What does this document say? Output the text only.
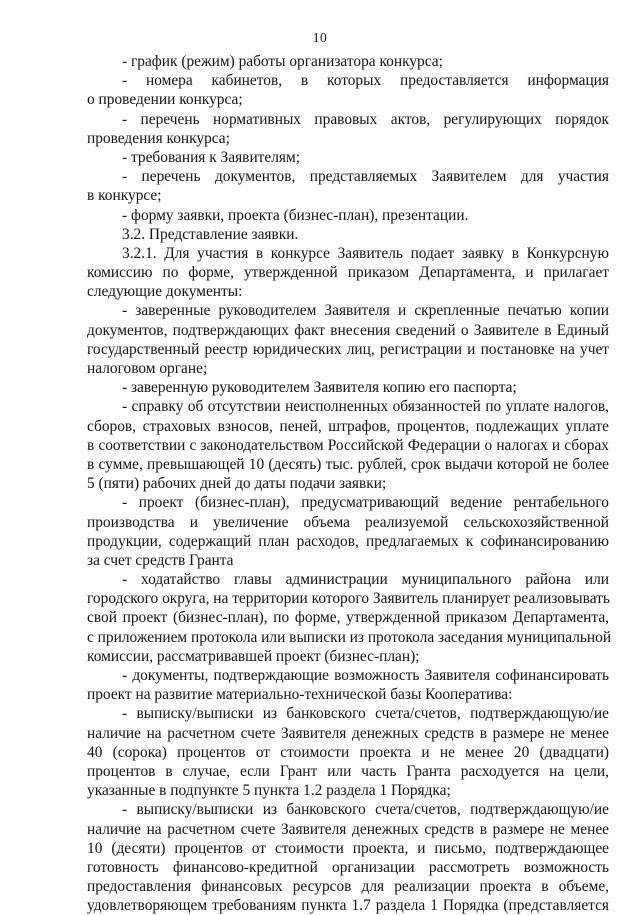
10
- график (режим) работы организатора конкурса;
- номера кабинетов, в которых предоставляется информация
о проведении конкурса;
- перечень нормативных правовых актов, регулирующих порядок
проведения конкурса;
- требования к Заявителям;
- перечень документов, представляемых Заявителем для участия
в конкурсе;
- форму заявки, проекта (бизнес-план), презентации.
3.2. Представление заявки.
3.2.1. Для участия в конкурсе Заявитель подает заявку в Конкурсную
комиссию по форме, утвержденной приказом Департамента, и прилагает
следующие документы:
- заверенные руководителем Заявителя и скрепленные печатью копии
документов, подтверждающих факт внесения сведений о Заявителе в Единый
государственный реестр юридических лиц, регистрации и постановке на учет
налоговом органе;
- заверенную руководителем Заявителя копию его паспорта;
- справку об отсутствии неисполненных обязанностей по уплате налогов,
сборов, страховых взносов, пеней, штрафов, процентов, подлежащих уплате
в соответствии с законодательством Российской Федерации о налогах и сборах
в сумме, превышающей 10 (десять) тыс. рублей, срок выдачи которой не более
5 (пяти) рабочих дней до даты подачи заявки;
- проект (бизнес-план), предусматривающий ведение рентабельного
производства и увеличение объема реализуемой сельскохозяйственной
продукции, содержащий план расходов, предлагаемых к софинансированию
за счет средств Гранта
- ходатайство главы администрации муниципального района или
городского округа, на территории которого Заявитель планирует реализовывать
свой проект (бизнес-план), по форме, утвержденной приказом Департамента,
с приложением протокола или выписки из протокола заседания муниципальной
комиссии, рассматривавшей проект (бизнес-план);
- документы, подтверждающие возможность Заявителя софинансировать
проект на развитие материально-технической базы Кооператива:
- выписку/выписки из банковского счета/счетов, подтверждающую/ие
наличие на расчетном счете Заявителя денежных средств в размере не менее
40 (сорока) процентов от стоимости проекта и не менее 20 (двадцати)
процентов в случае, если Грант или часть Гранта расходуется на цели,
указанные в подпункте 5 пункта 1.2 раздела 1 Порядка;
- выписку/выписки из банковского счета/счетов, подтверждающую/ие
наличие на расчетном счете Заявителя денежных средств в размере не менее
10 (десяти) процентов от стоимости проекта, и письмо, подтверждающее
готовность финансово-кредитной организации рассмотреть возможность
предоставления финансовых ресурсов для реализации проекта в объеме,
удовлетворяющем требованиям пункта 1.7 раздела 1 Порядка (представляется
